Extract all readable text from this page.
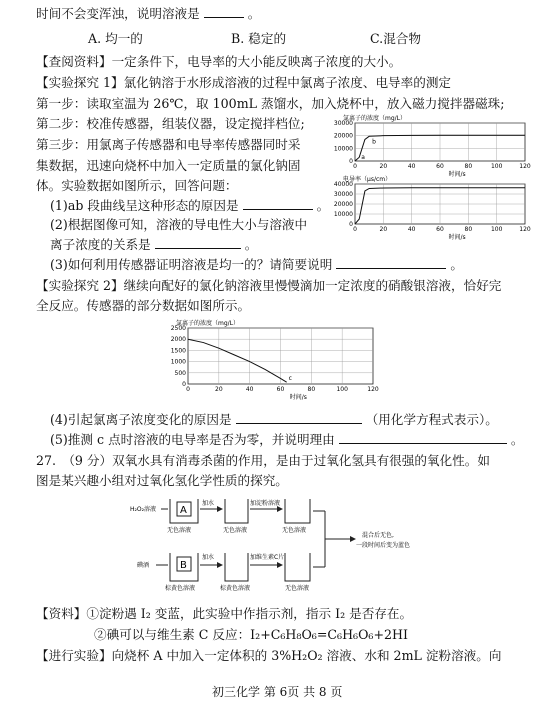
时间不会变浑浊，说明溶液是	。
A. 均一的	B. 稳定的	C.混合物
【查阅资料】一定条件下，电导率的大小能反映离子浓度的大小。
【实验探究 1】氯化钠溶于水形成溶液的过程中氯离子浓度、电导率的测定
第一步：读取室温为 26℃，取 100mL 蒸馏水，加入烧杯中，放入磁力搅拌器磁珠;
第二步：校准传感器，组装仪器，设定搅拌档位;
第三步：用氯离子传感器和电导率传感器同时采
集数据，迅速向烧杯中加入一定质量的氯化钠固
体。实验数据如图所示，回答问题：
(1)ab 段曲线呈这种形态的原因是	。
(2)根据图像可知，溶液的导电性大小与溶液中
离子浓度的关系是	。
(3)如何利用传感器证明溶液是均一的？请简要说明	。
【实验探究 2】继续向配好的氯化钠溶液里慢慢滴加一定浓度的硝酸银溶液，恰好完
全反应。传感器的部分数据如图所示。
氯离子的浓度（mg/L）
30000
20000
10000
0
0	20	40	60	80	100	120
时间/s
a
b
电导率（μs/cm）
40000
30000
20000
10000
0
0	20	40	60	80	100	120
时间/s
氯离子的浓度（mg/L）
2500
2000
1500
1000
500
0
0	20	40	60	80	100	120
时间/s
c
(4)引起氯离子浓度变化的原因是	（用化学方程式表示）。
(5)推测 c 点时溶液的电导率是否为零，并说明理由	。
27.　（9 分）双氧水具有消毒杀菌的作用，是由于过氧化氢具有很强的氧化性。如
图是某兴趣小组对过氧化氢化学性质的探究。
H₂O₂溶液 A
无色溶液
加水
无色溶液
加淀粉溶液
无色溶液
碘酒	B
棕黄色溶液
加水
棕黄色溶液
加维生素C片
无色溶液
混合后无色,
一段时间后变为蓝色
【资料】①淀粉遇 I₂ 变蓝，此实验中作指示剂，指示 I₂ 是否存在。
②碘可以与维生素 C 反应：I₂+C₆H₈O₆=C₆H₆O₆+2HI
【进行实验】向烧杯 A 中加入一定体积的 3%H₂O₂ 溶液、水和 2mL 淀粉溶液。向
初三化学 第 6页 共 8 页
